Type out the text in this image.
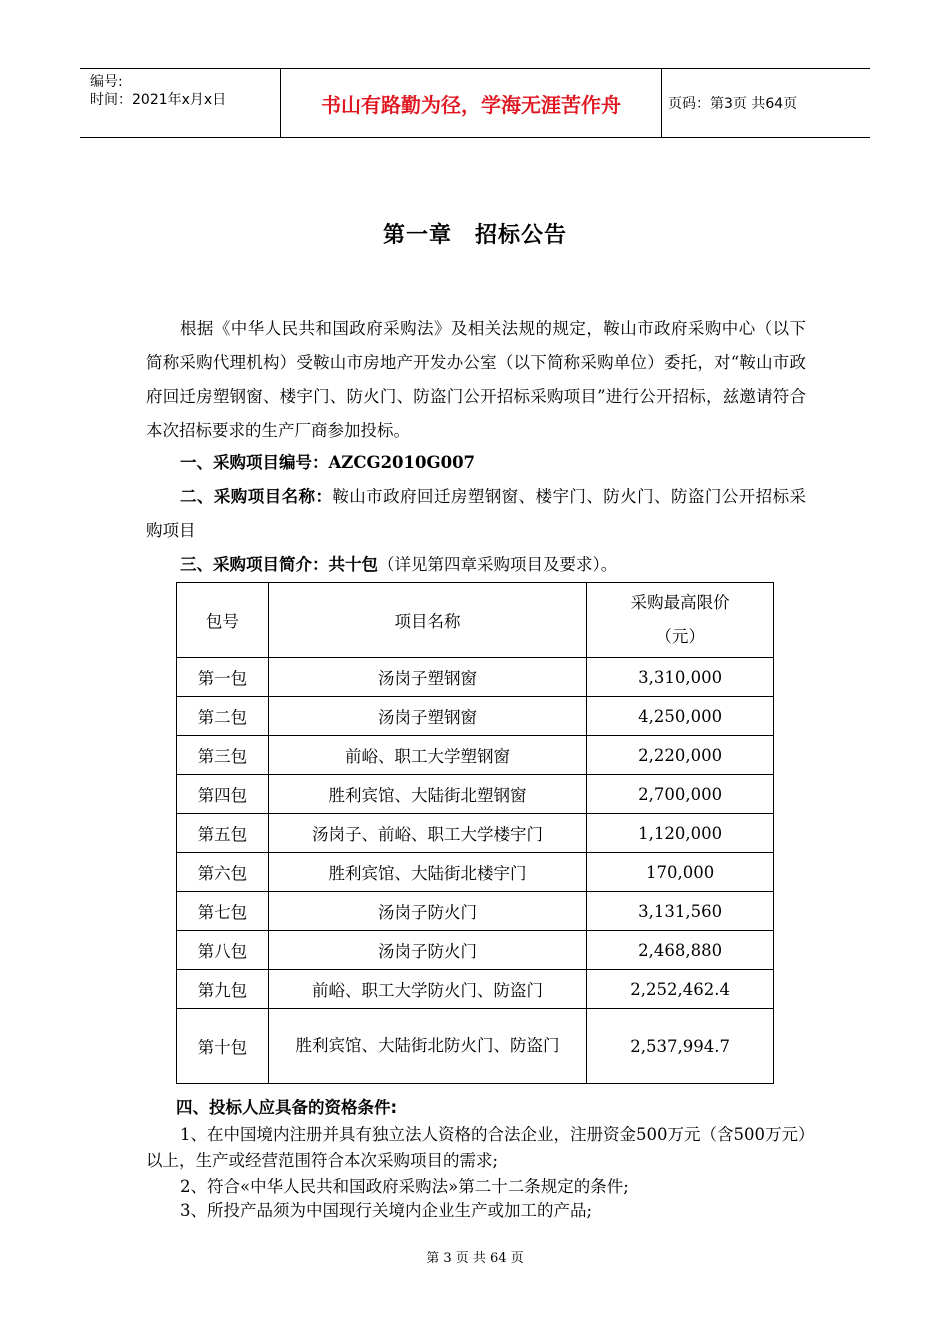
编号:
时间：2021年x月x日	书山有路勤为径，学海无涯苦作舟	页码：第3页 共64页
第一章　招标公告
根据《中华人民共和国政府采购法》及相关法规的规定，鞍山市政府采购中心（以下简称采购代理机构）受鞍山市房地产开发办公室（以下简称采购单位）委托，对“鞍山市政府回迁房塑钢窗、楼宇门、防火门、防盗门公开招标采购项目”进行公开招标，兹邀请符合本次招标要求的生产厂商参加投标。
一、采购项目编号：AZCG2010G007
二、采购项目名称：鞍山市政府回迁房塑钢窗、楼宇门、防火门、防盗门公开招标采购项目
三、采购项目简介：共十包（详见第四章采购项目及要求）。
包号	项目名称	采购最高限价
（元）

第一包	汤岗子塑钢窗	3,310,000
第二包	汤岗子塑钢窗	4,250,000
第三包	前峪、职工大学塑钢窗	2,220,000
第四包	胜利宾馆、大陆街北塑钢窗	2,700,000
第五包	汤岗子、前峪、职工大学楼宇门	1,120,000
第六包	胜利宾馆、大陆街北楼宇门	170,000
第七包	汤岗子防火门	3,131,560
第八包	汤岗子防火门	2,468,880
第九包	前峪、职工大学防火门、防盗门	2,252,462.4
第十包	胜利宾馆、大陆街北防火门、防盗门	2,537,994.7
四、投标人应具备的资格条件:
1、在中国境内注册并具有独立法人资格的合法企业，注册资金500万元（含500万元）以上，生产或经营范围符合本次采购项目的需求;
2、符合«中华人民共和国政府采购法»第二十二条规定的条件;
3、所投产品须为中国现行关境内企业生产或加工的产品;
第 3 页 共 64 页
